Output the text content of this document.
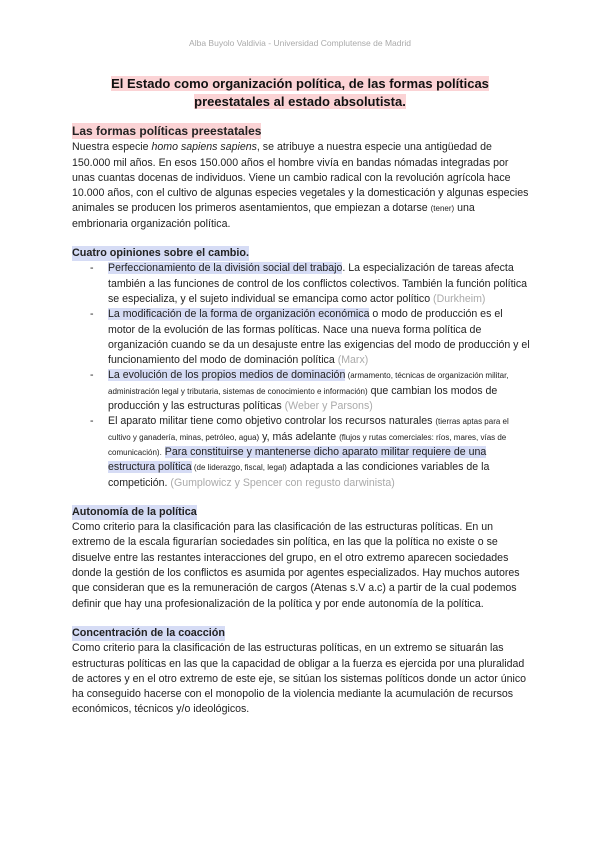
Alba Buyolo Valdivia - Universidad Complutense de Madrid
El Estado como organización política, de las formas políticas
preestatales al estado absolutista.
Las formas políticas preestatales

Nuestra especie homo sapiens sapiens, se atribuye a nuestra especie una antigüedad de 150.000 mil años. En esos 150.000 años el hombre vivía en bandas nómadas integradas por unas cuantas docenas de individuos. Viene un cambio radical con la revolución agrícola hace 10.000 años, con el cultivo de algunas especies vegetales y la domesticación y algunas especies animales se producen los primeros asentamientos, que empiezan a dotarse (tener) una embrionaria organización política.

Cuatro opiniones sobre el cambio.
- Perfeccionamiento de la división social del trabajo. La especialización de tareas afecta también a las funciones de control de los conflictos colectivos. También la función política se especializa, y el sujeto individual se emancipa como actor político (Durkheim)
- La modificación de la forma de organización económica o modo de producción es el motor de la evolución de las formas políticas. Nace una nueva forma política de organización cuando se da un desajuste entre las exigencias del modo de producción y el funcionamiento del modo de dominación política (Marx)
- La evolución de los propios medios de dominación (armamento, técnicas de organización militar, administración legal y tributaria, sistemas de conocimiento e información) que cambian los modos de producción y las estructuras políticas (Weber y Parsons)
- El aparato militar tiene como objetivo controlar los recursos naturales (tierras aptas para el cultivo y ganadería, minas, petróleo, agua) y, más adelante (flujos y rutas comerciales: ríos, mares, vías de comunicación). Para constituirse y mantenerse dicho aparato militar requiere de una estructura política (de liderazgo, fiscal, legal) adaptada a las condiciones variables de la competición. (Gumplowicz y Spencer con regusto darwinista)
Autonomía de la política

Como criterio para la clasificación para las clasificación de las estructuras políticas. En un extremo de la escala figurarían sociedades sin política, en las que la política no existe o se disuelve entre las restantes interacciones del grupo, en el otro extremo aparecen sociedades donde la gestión de los conflictos es asumida por agentes especializados. Hay muchos autores que consideran que es la remuneración de cargos (Atenas s.V a.c) a partir de la cual podemos definir que hay una profesionalización de la política y por ende autonomía de la política.

Concentración de la coacción

Como criterio para la clasificación de las estructuras políticas, en un extremo se situarán las estructuras políticas en las que la capacidad de obligar a la fuerza es ejercida por una pluralidad de actores y en el otro extremo de este eje, se sitúan los sistemas políticos donde un actor único ha conseguido hacerse con el monopolio de la violencia mediante la acumulación de recursos económicos, técnicos y/o ideológicos.
